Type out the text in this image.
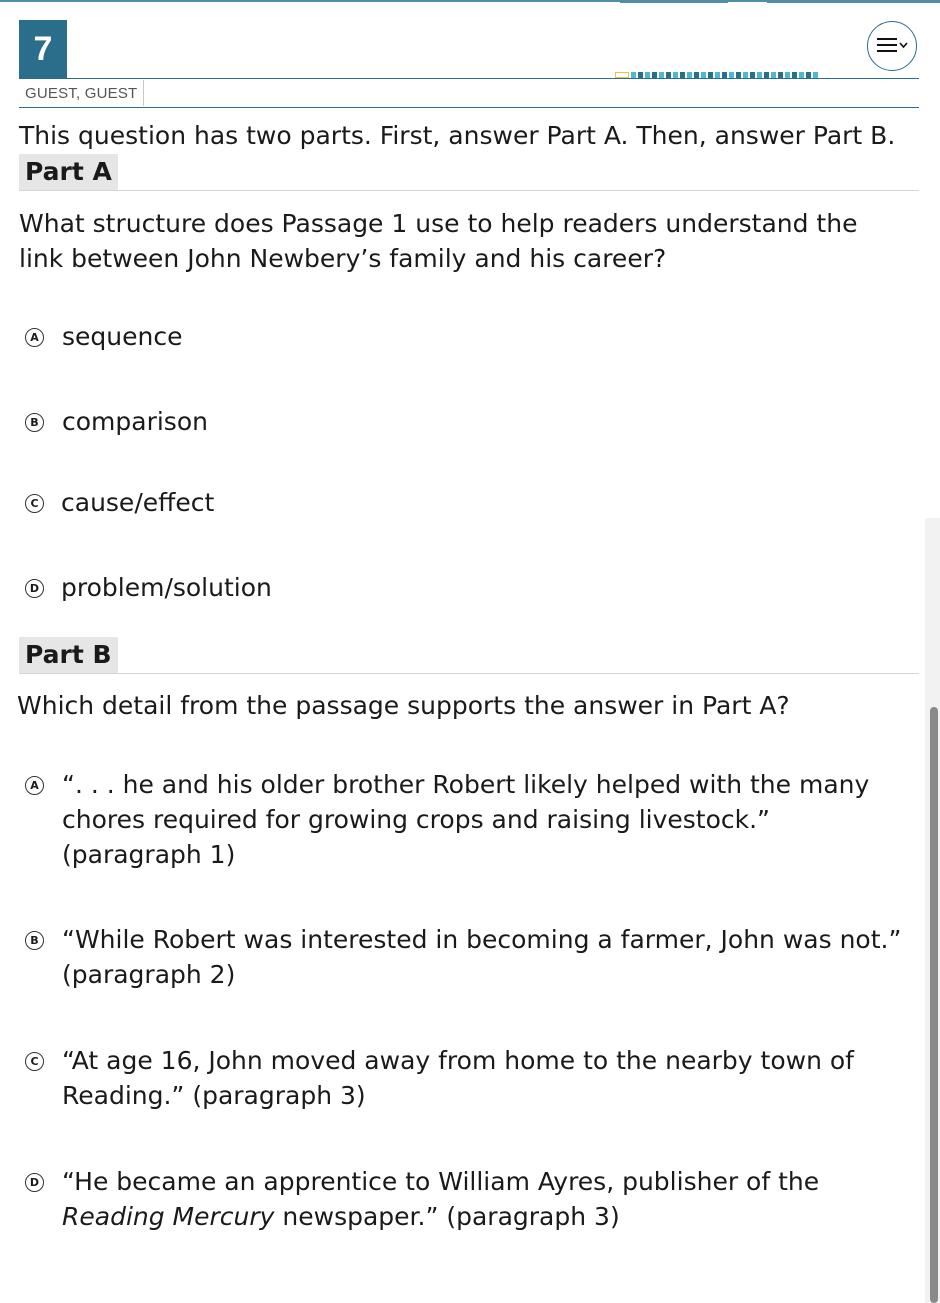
7
GUEST, GUEST

This question has two parts. First, answer Part A. Then, answer Part B.

Part A

What structure does Passage 1 use to help readers understand the link between John Newbery’s family and his career?

A sequence
B comparison
C cause/effect
D problem/solution
Part B

Which detail from the passage supports the answer in Part A?

A “. . . he and his older brother Robert likely helped with the many chores required for growing crops and raising livestock.” (paragraph 1)
B “While Robert was interested in becoming a farmer, John was not.” (paragraph 2)
C “At age 16, John moved away from home to the nearby town of Reading.” (paragraph 3)
D “He became an apprentice to William Ayres, publisher of the Reading Mercury newspaper.” (paragraph 3)
